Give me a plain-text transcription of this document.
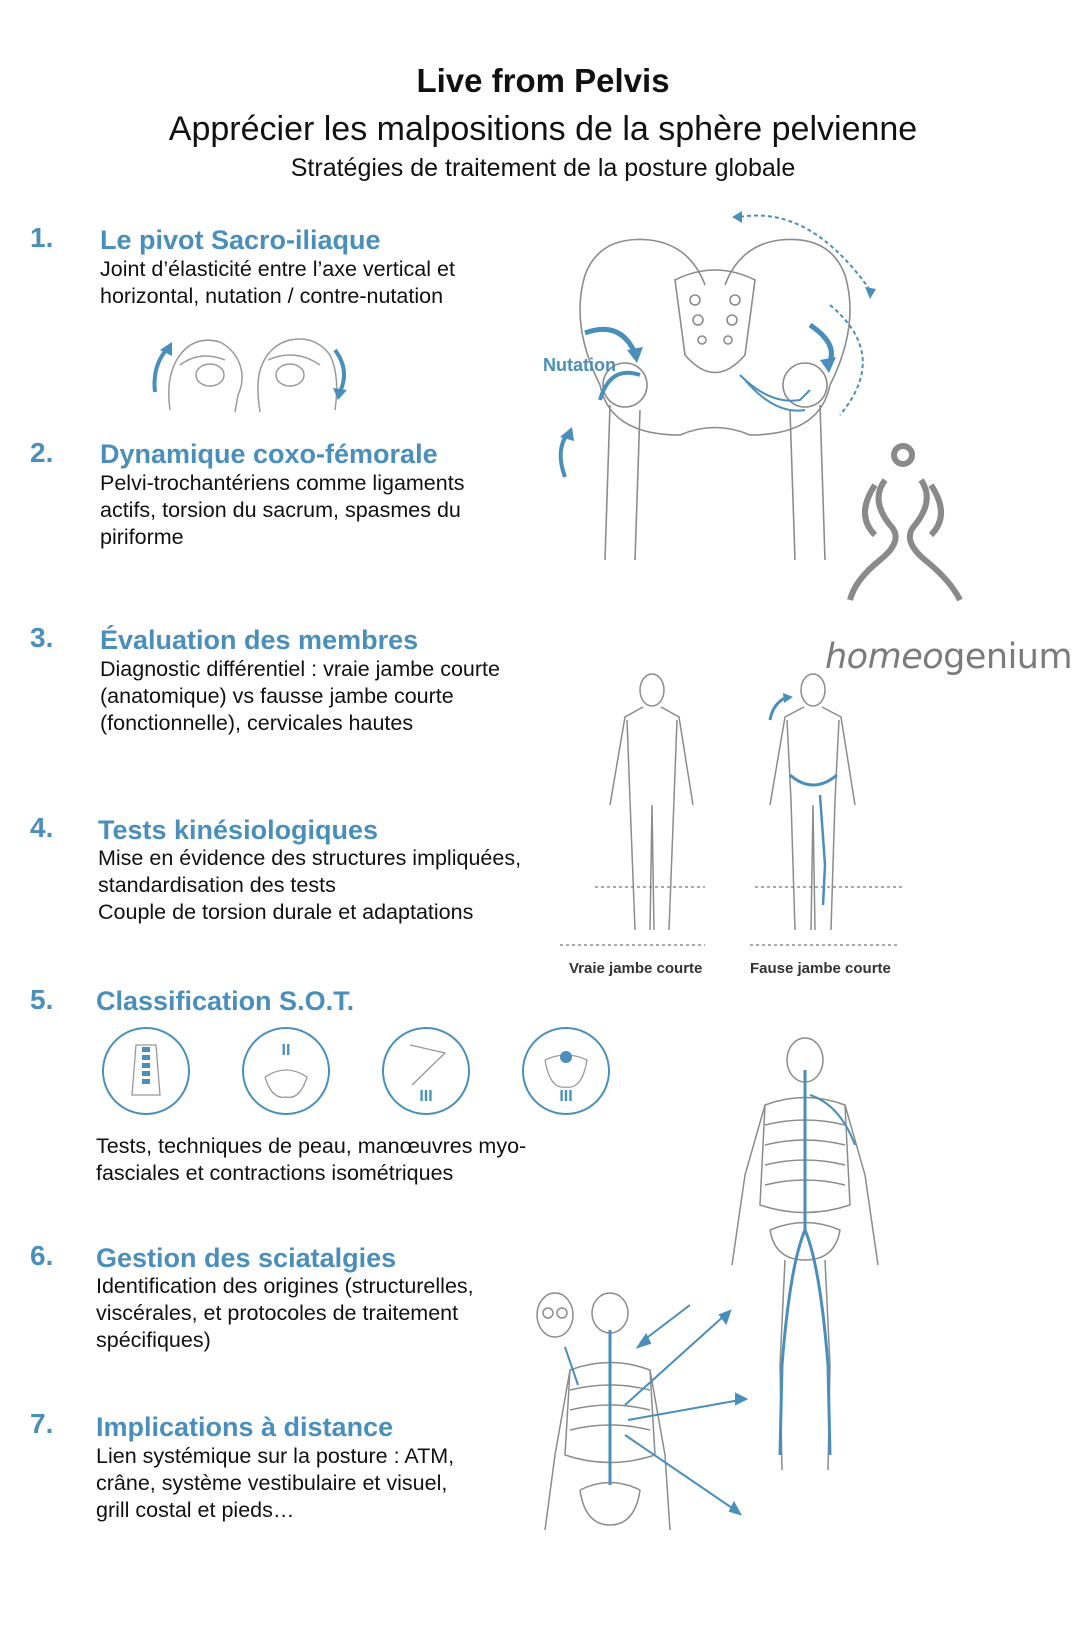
Live from Pelvis
Apprécier les malpositions de la sphère pelvienne
Stratégies de traitement de la posture globale
1. Le pivot Sacro-iliaque
Joint d’élasticité entre l’axe vertical et
horizontal, nutation / contre-nutation
2. Dynamique coxo-fémorale
Pelvi-trochantériens comme ligaments
actifs, torsion du sacrum, spasmes du
piriforme
3. Évaluation des membres
Diagnostic différentiel : vraie jambe courte
(anatomique) vs fausse jambe courte
(fonctionnelle), cervicales hautes
4. Tests kinésiologiques
Mise en évidence des structures impliquées,
standardisation des tests
Couple de torsion durale et adaptations
5. Classification S.O.T.
Tests, techniques de peau, manœuvres myo-
fasciales et contractions isométriques
6. Gestion des sciatalgies
Identification des origines (structurelles,
viscérales, et protocoles de traitement
spécifiques)
7. Implications à distance
Lien systémique sur la posture : ATM,
crâne, système vestibulaire et visuel,
grill costal et pieds…
Nutation
homeogenium
Vraie jambe courte	Fause jambe courte
II
III	III
